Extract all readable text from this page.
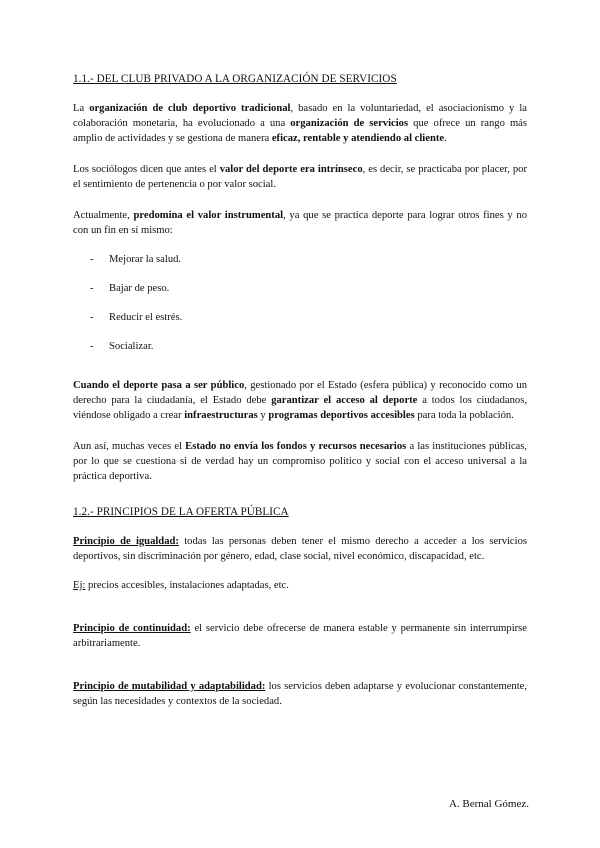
1.1.- DEL CLUB PRIVADO A LA ORGANIZACIÓN DE SERVICIOS

La organización de club deportivo tradicional, basado en la voluntariedad, el asociacionismo y la colaboración monetaria, ha evolucionado a una organización de servicios que ofrece un rango más amplio de actividades y se gestiona de manera eficaz, rentable y atendiendo al cliente.

Los sociólogos dicen que antes el valor del deporte era intrínseco, es decir, se practicaba por placer, por el sentimiento de pertenencia o por valor social.

Actualmente, predomina el valor instrumental, ya que se practica deporte para lograr otros fines y no con un fin en sí mismo:

- Mejorar la salud.
- Bajar de peso.
- Reducir el estrés.
- Socializar.

Cuando el deporte pasa a ser público, gestionado por el Estado (esfera pública) y reconocido como un derecho para la ciudadanía, el Estado debe garantizar el acceso al deporte a todos los ciudadanos, viéndose obligado a crear infraestructuras y programas deportivos accesibles para toda la población.

Aun así, muchas veces el Estado no envía los fondos y recursos necesarios a las instituciones públicas, por lo que se cuestiona si de verdad hay un compromiso político y social con el acceso universal a la práctica deportiva.

1.2.- PRINCIPIOS DE LA OFERTA PÚBLICA

Principio de igualdad: todas las personas deben tener el mismo derecho a acceder a los servicios deportivos, sin discriminación por género, edad, clase social, nivel económico, discapacidad, etc.

Ej: precios accesibles, instalaciones adaptadas, etc.

Principio de continuidad: el servicio debe ofrecerse de manera estable y permanente sin interrumpirse arbitrariamente.

Principio de mutabilidad y adaptabilidad: los servicios deben adaptarse y evolucionar constantemente, según las necesidades y contextos de la sociedad.

A. Bernal Gómez.
